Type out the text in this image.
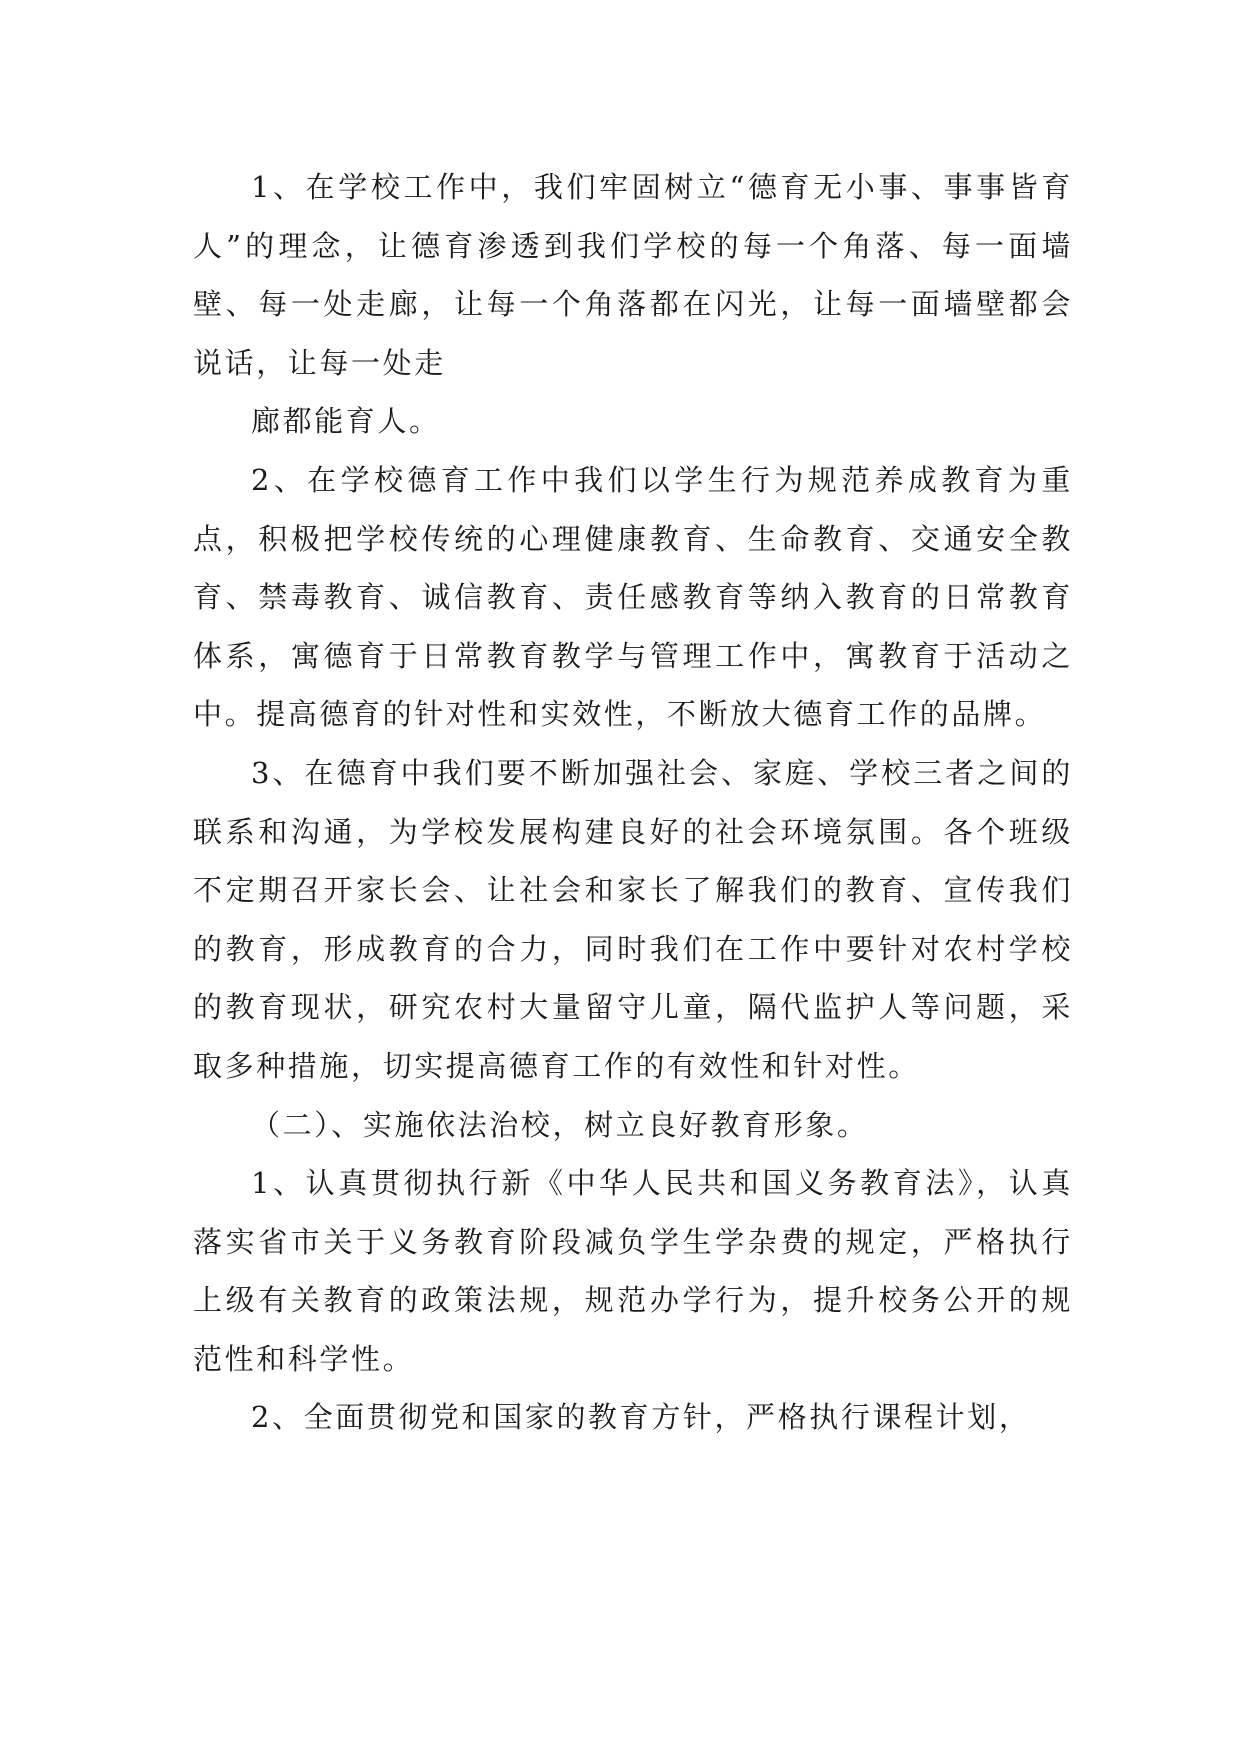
1、在学校工作中，我们牢固树立“德育无小事、事事皆育人”的理念，让德育渗透到我们学校的每一个角落、每一面墙壁、每一处走廊，让每一个角落都在闪光，让每一面墙壁都会说话，让每一处走

廊都能育人。

2、在学校德育工作中我们以学生行为规范养成教育为重点，积极把学校传统的心理健康教育、生命教育、交通安全教育、禁毒教育、诚信教育、责任感教育等纳入教育的日常教育体系，寓德育于日常教育教学与管理工作中，寓教育于活动之中。提高德育的针对性和实效性，不断放大德育工作的品牌。

3、在德育中我们要不断加强社会、家庭、学校三者之间的联系和沟通，为学校发展构建良好的社会环境氛围。各个班级不定期召开家长会、让社会和家长了解我们的教育、宣传我们的教育，形成教育的合力，同时我们在工作中要针对农村学校的教育现状，研究农村大量留守儿童，隔代监护人等问题，采取多种措施，切实提高德育工作的有效性和针对性。

（二）、实施依法治校，树立良好教育形象。

1、认真贯彻执行新《中华人民共和国义务教育法》，认真落实省市关于义务教育阶段减负学生学杂费的规定，严格执行上级有关教育的政策法规，规范办学行为，提升校务公开的规范性和科学性。

2、全面贯彻党和国家的教育方针，严格执行课程计划，
